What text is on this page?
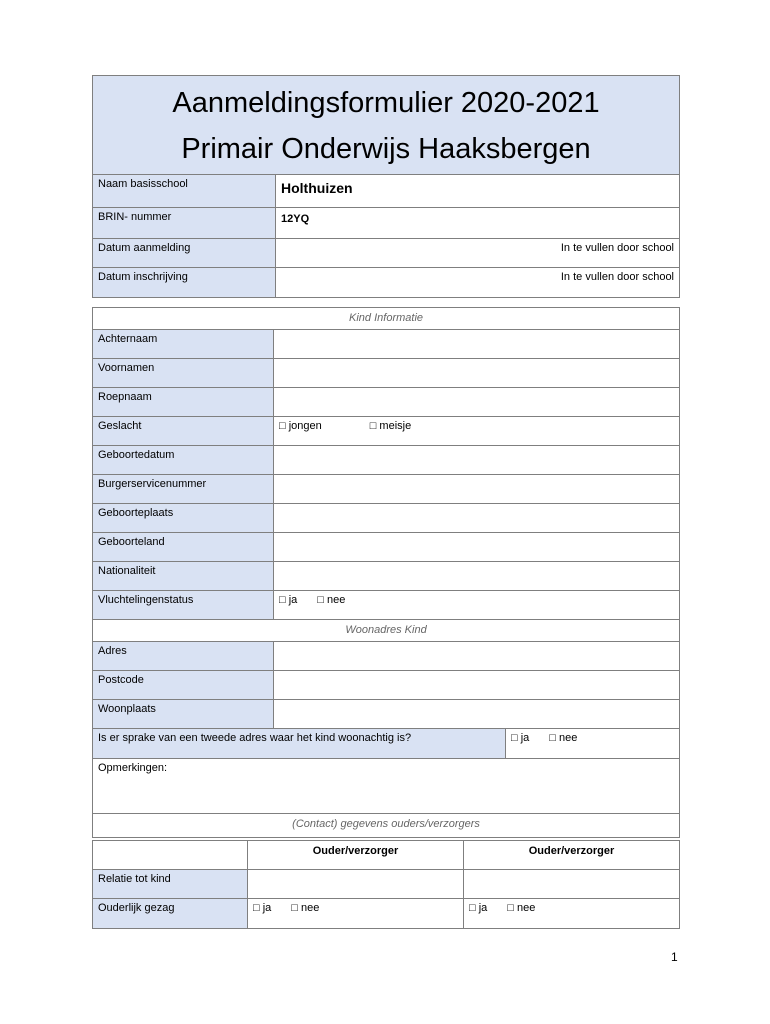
Aanmeldingsformulier 2020-2021
Primair Onderwijs Haaksbergen	

Naam basisschool	Holthuizen
BRIN- nummer	12YQ
Datum aanmelding	In te vullen door school
Datum inschrijving	In te vullen door school
Kind Informatie		
Achternaam		
Voornamen		
Roepnaam		
Geslacht	□ jongen □ meisje	
Geboortedatum		
Burgerservicenummer		
Geboorteplaats		
Geboorteland		
Nationaliteit		
Vluchtelingenstatus	□ ja □ nee	
Woonadres Kind		
Adres		
Postcode		
Woonplaats		
Is er sprake van een tweede adres waar het kind woonachtig is?		□ ja □ nee
Opmerkingen:		
(Contact) gegevens ouders/verzorgers		
	Ouder/verzorger	Ouder/verzorger
Relatie tot kind		
Ouderlijk gezag	□ ja □ nee	□ ja □ nee
1
